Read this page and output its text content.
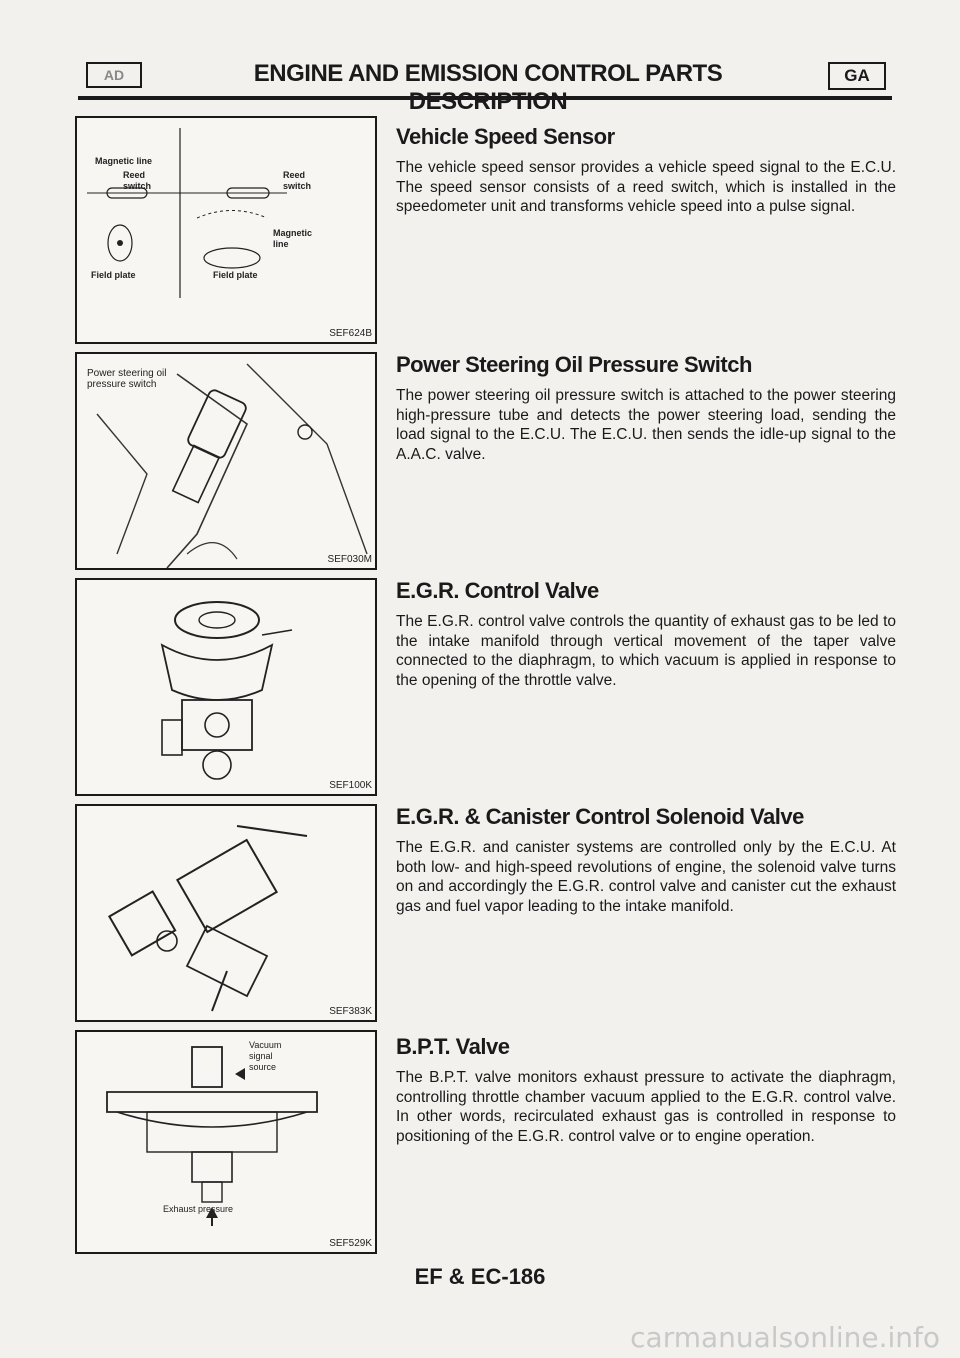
AD	ENGINE AND EMISSION CONTROL PARTS DESCRIPTION
GA
Magnetic line
Reed switch
Reed switch
Magnetic line
Field plate	Field plate
SEF624B
Power steering oil pressure switch
SEF030M
SEF100K
SEF383K
Vacuum signal source
Exhaust pressure
SEF529K
Vehicle Speed Sensor

The vehicle speed sensor provides a vehicle speed signal to the E.C.U. The speed sensor consists of a reed switch, which is installed in the speedometer unit and transforms vehicle speed into a pulse signal.

Power Steering Oil Pressure Switch

The power steering oil pressure switch is attached to the power steering high-pressure tube and detects the power steering load, sending the load signal to the E.C.U. The E.C.U. then sends the idle-up signal to the A.A.C. valve.

E.G.R. Control Valve

The E.G.R. control valve controls the quantity of exhaust gas to be led to the intake manifold through vertical movement of the taper valve connected to the diaphragm, to which vacuum is applied in response to the opening of the throttle valve.

E.G.R. & Canister Control Solenoid Valve

The E.G.R. and canister systems are controlled only by the E.C.U. At both low- and high-speed revolutions of engine, the solenoid valve turns on and accordingly the E.G.R. control valve and canister cut the exhaust gas and fuel vapor leading to the intake manifold.

B.P.T. Valve

The B.P.T. valve monitors exhaust pressure to activate the diaphragm, controlling throttle chamber vacuum applied to the E.G.R. control valve. In other words, recirculated exhaust gas is controlled in response to positioning of the E.G.R. control valve or to engine operation.

EF & EC-186
carmanualsonline.info
